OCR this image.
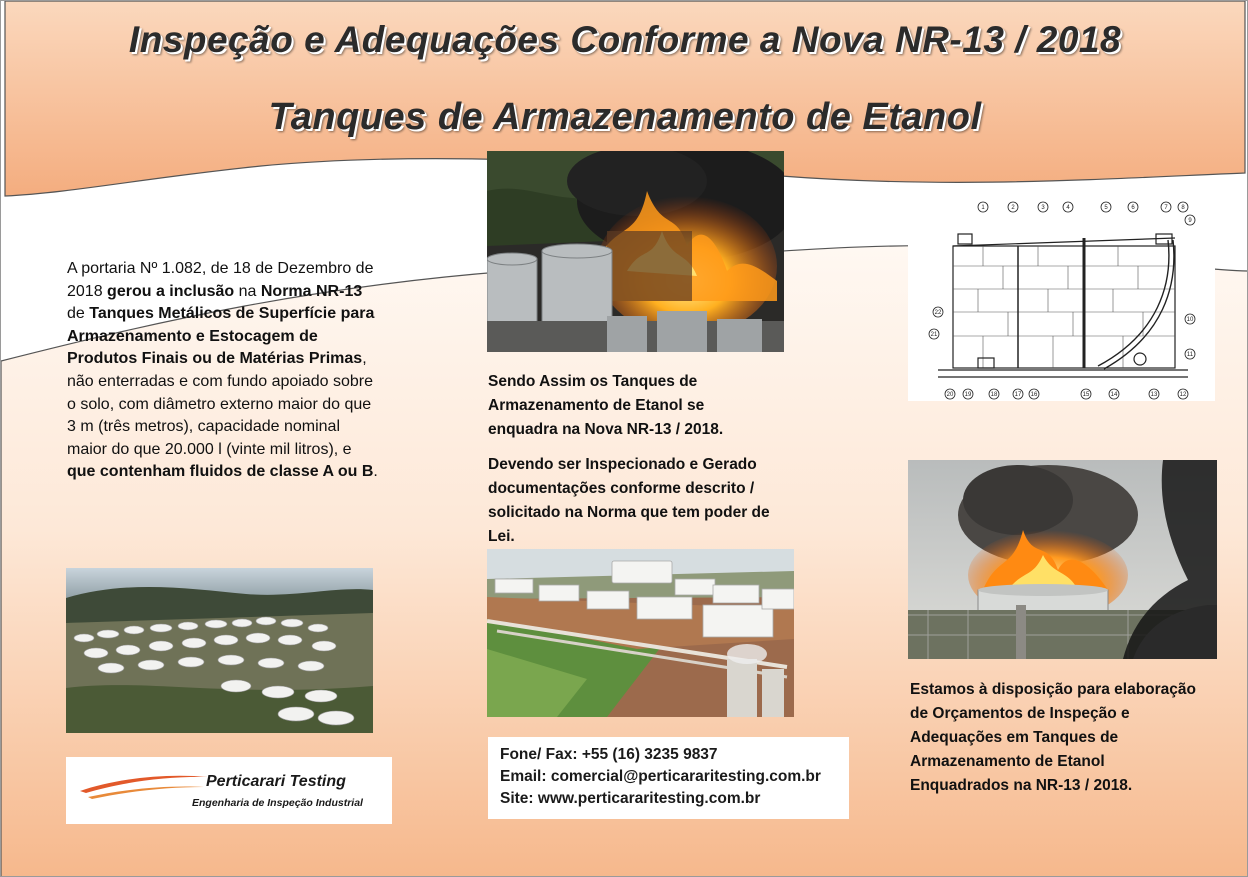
Inspeção e Adequações Conforme a Nova NR-13 / 2018
Tanques de Armazenamento de Etanol
A portaria Nº 1.082, de 18 de Dezembro de 2018 gerou a inclusão na Norma NR-13 de Tanques Metálicos de Superfície para Armazenamento e Estocagem de Produtos Finais ou de Matérias Primas, não enterradas e com fundo apoiado sobre o solo, com diâmetro externo maior do que 3 m (três metros), capacidade nominal maior do que 20.000 l (vinte mil litros), e que contenham fluidos de classe A ou B.
Perticarari Testing
Engenharia de Inspeção Industrial
Sendo Assim os Tanques de Armazenamento de Etanol se enquadra na Nova NR-13 / 2018.
Devendo ser Inspecionado e Gerado documentações conforme descrito / solicitado na Norma que tem poder de Lei.
Fone/ Fax: +55 (16) 3235 9837
Email: comercial@perticararitesting.com.br
Site: www.perticararitesting.com.br
1	2	3	4	5	6	7 8
9
10
11
12
13
14
15
16
17
18
19
20
21
22
Estamos à disposição para elaboração de Orçamentos de Inspeção e Adequações em Tanques de Armazenamento de Etanol Enquadrados na NR-13 / 2018.
